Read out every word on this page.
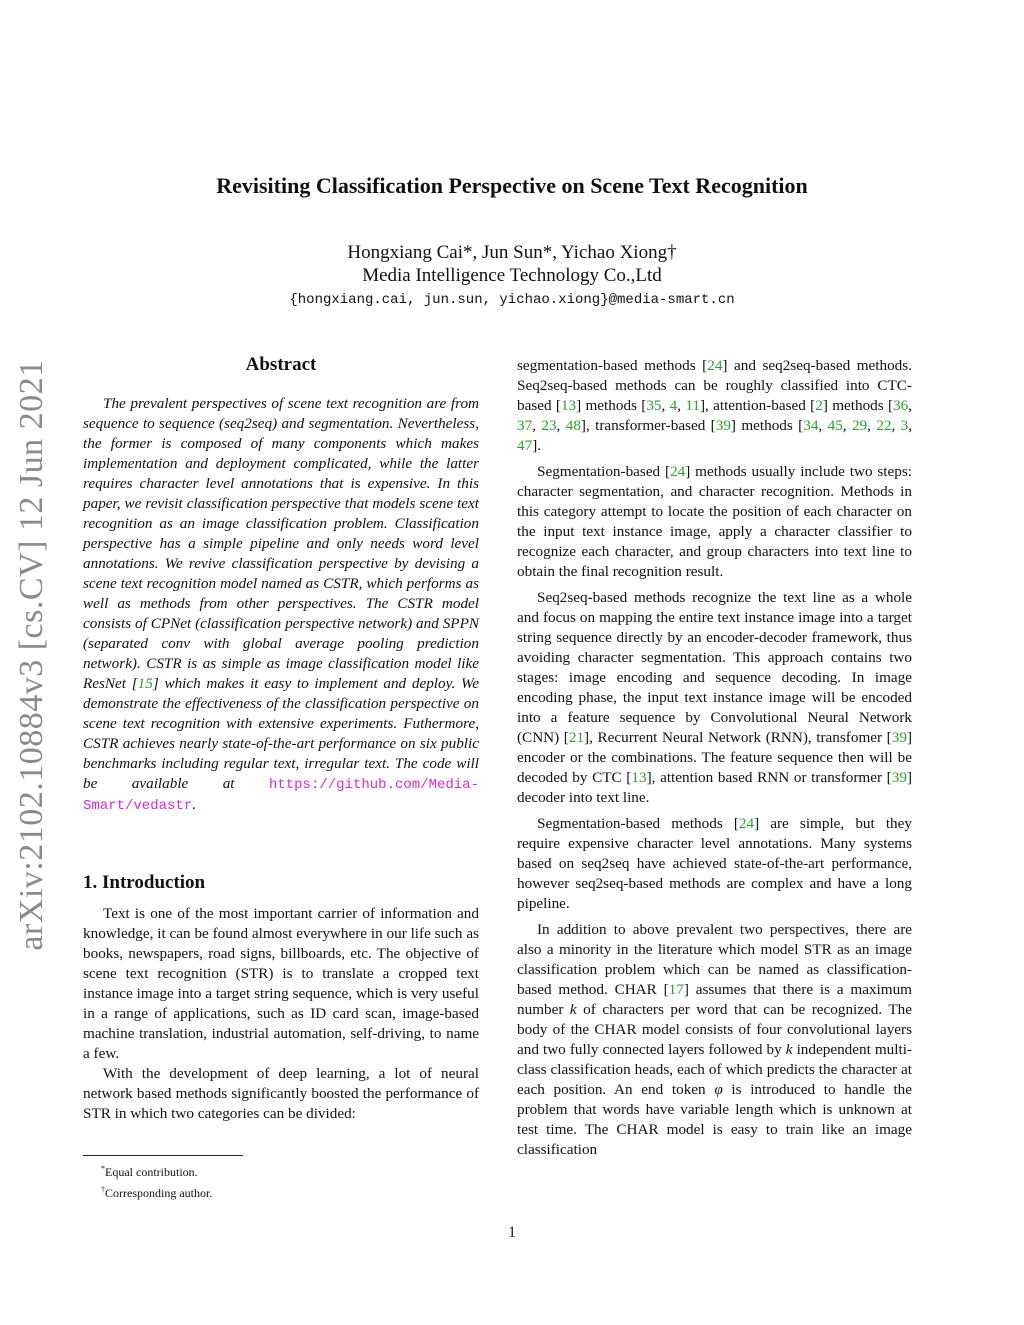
Revisiting Classification Perspective on Scene Text Recognition
Hongxiang Cai*, Jun Sun*, Yichao Xiong†
Media Intelligence Technology Co.,Ltd
{hongxiang.cai, jun.sun, yichao.xiong}@media-smart.cn
arXiv:2102.10884v3 [cs.CV] 12 Jun 2021	Abstract

The prevalent perspectives of scene text recognition are from sequence to sequence (seq2seq) and segmentation. Nevertheless, the former is composed of many components which makes implementation and deployment complicated, while the latter requires character level annotations that is expensive. In this paper, we revisit classification perspective that models scene text recognition as an image classification problem. Classification perspective has a simple pipeline and only needs word level annotations. We revive classification perspective by devising a scene text recognition model named as CSTR, which performs as well as methods from other perspectives. The CSTR model consists of CPNet (classification perspective network) and SPPN (separated conv with global average pooling prediction network). CSTR is as simple as image classification model like ResNet [15] which makes it easy to implement and deploy. We demonstrate the effectiveness of the classification perspective on scene text recognition with extensive experiments. Futhermore, CSTR achieves nearly state-of-the-art performance on six public benchmarks including regular text, irregular text. The code will be available at https://github.com/Media-Smart/vedastr.

1. Introduction

Text is one of the most important carrier of information and knowledge, it can be found almost everywhere in our life such as books, newspapers, road signs, billboards, etc. The objective of scene text recognition (STR) is to translate a cropped text instance image into a target string sequence, which is very useful in a range of applications, such as ID card scan, image-based machine translation, industrial automation, self-driving, to name a few.

With the development of deep learning, a lot of neural network based methods significantly boosted the performance of STR in which two categories can be divided:

*Equal contribution.
†Corresponding author.

segmentation-based methods [24] and seq2seq-based methods. Seq2seq-based methods can be roughly classified into CTC-based [13] methods [35, 4, 11], attention-based [2] methods [36, 37, 23, 48], transformer-based [39] methods [34, 45, 29, 22, 3, 47].

Segmentation-based [24] methods usually include two steps: character segmentation, and character recognition. Methods in this category attempt to locate the position of each character on the input text instance image, apply a character classifier to recognize each character, and group characters into text line to obtain the final recognition result.

Seq2seq-based methods recognize the text line as a whole and focus on mapping the entire text instance image into a target string sequence directly by an encoder-decoder framework, thus avoiding character segmentation. This approach contains two stages: image encoding and sequence decoding. In image encoding phase, the input text instance image will be encoded into a feature sequence by Convolutional Neural Network (CNN) [21], Recurrent Neural Network (RNN), transfomer [39] encoder or the combinations. The feature sequence then will be decoded by CTC [13], attention based RNN or transformer [39] decoder into text line.

Segmentation-based methods [24] are simple, but they require expensive character level annotations. Many systems based on seq2seq have achieved state-of-the-art performance, however seq2seq-based methods are complex and have a long pipeline.

In addition to above prevalent two perspectives, there are also a minority in the literature which model STR as an image classification problem which can be named as classification-based method. CHAR [17] assumes that there is a maximum number k of characters per word that can be recognized. The body of the CHAR model consists of four convolutional layers and two fully connected layers followed by k independent multi-class classification heads, each of which predicts the character at each position. An end token φ is introduced to handle the problem that words have variable length which is unknown at test time. The CHAR model is easy to train like an image classification

1
